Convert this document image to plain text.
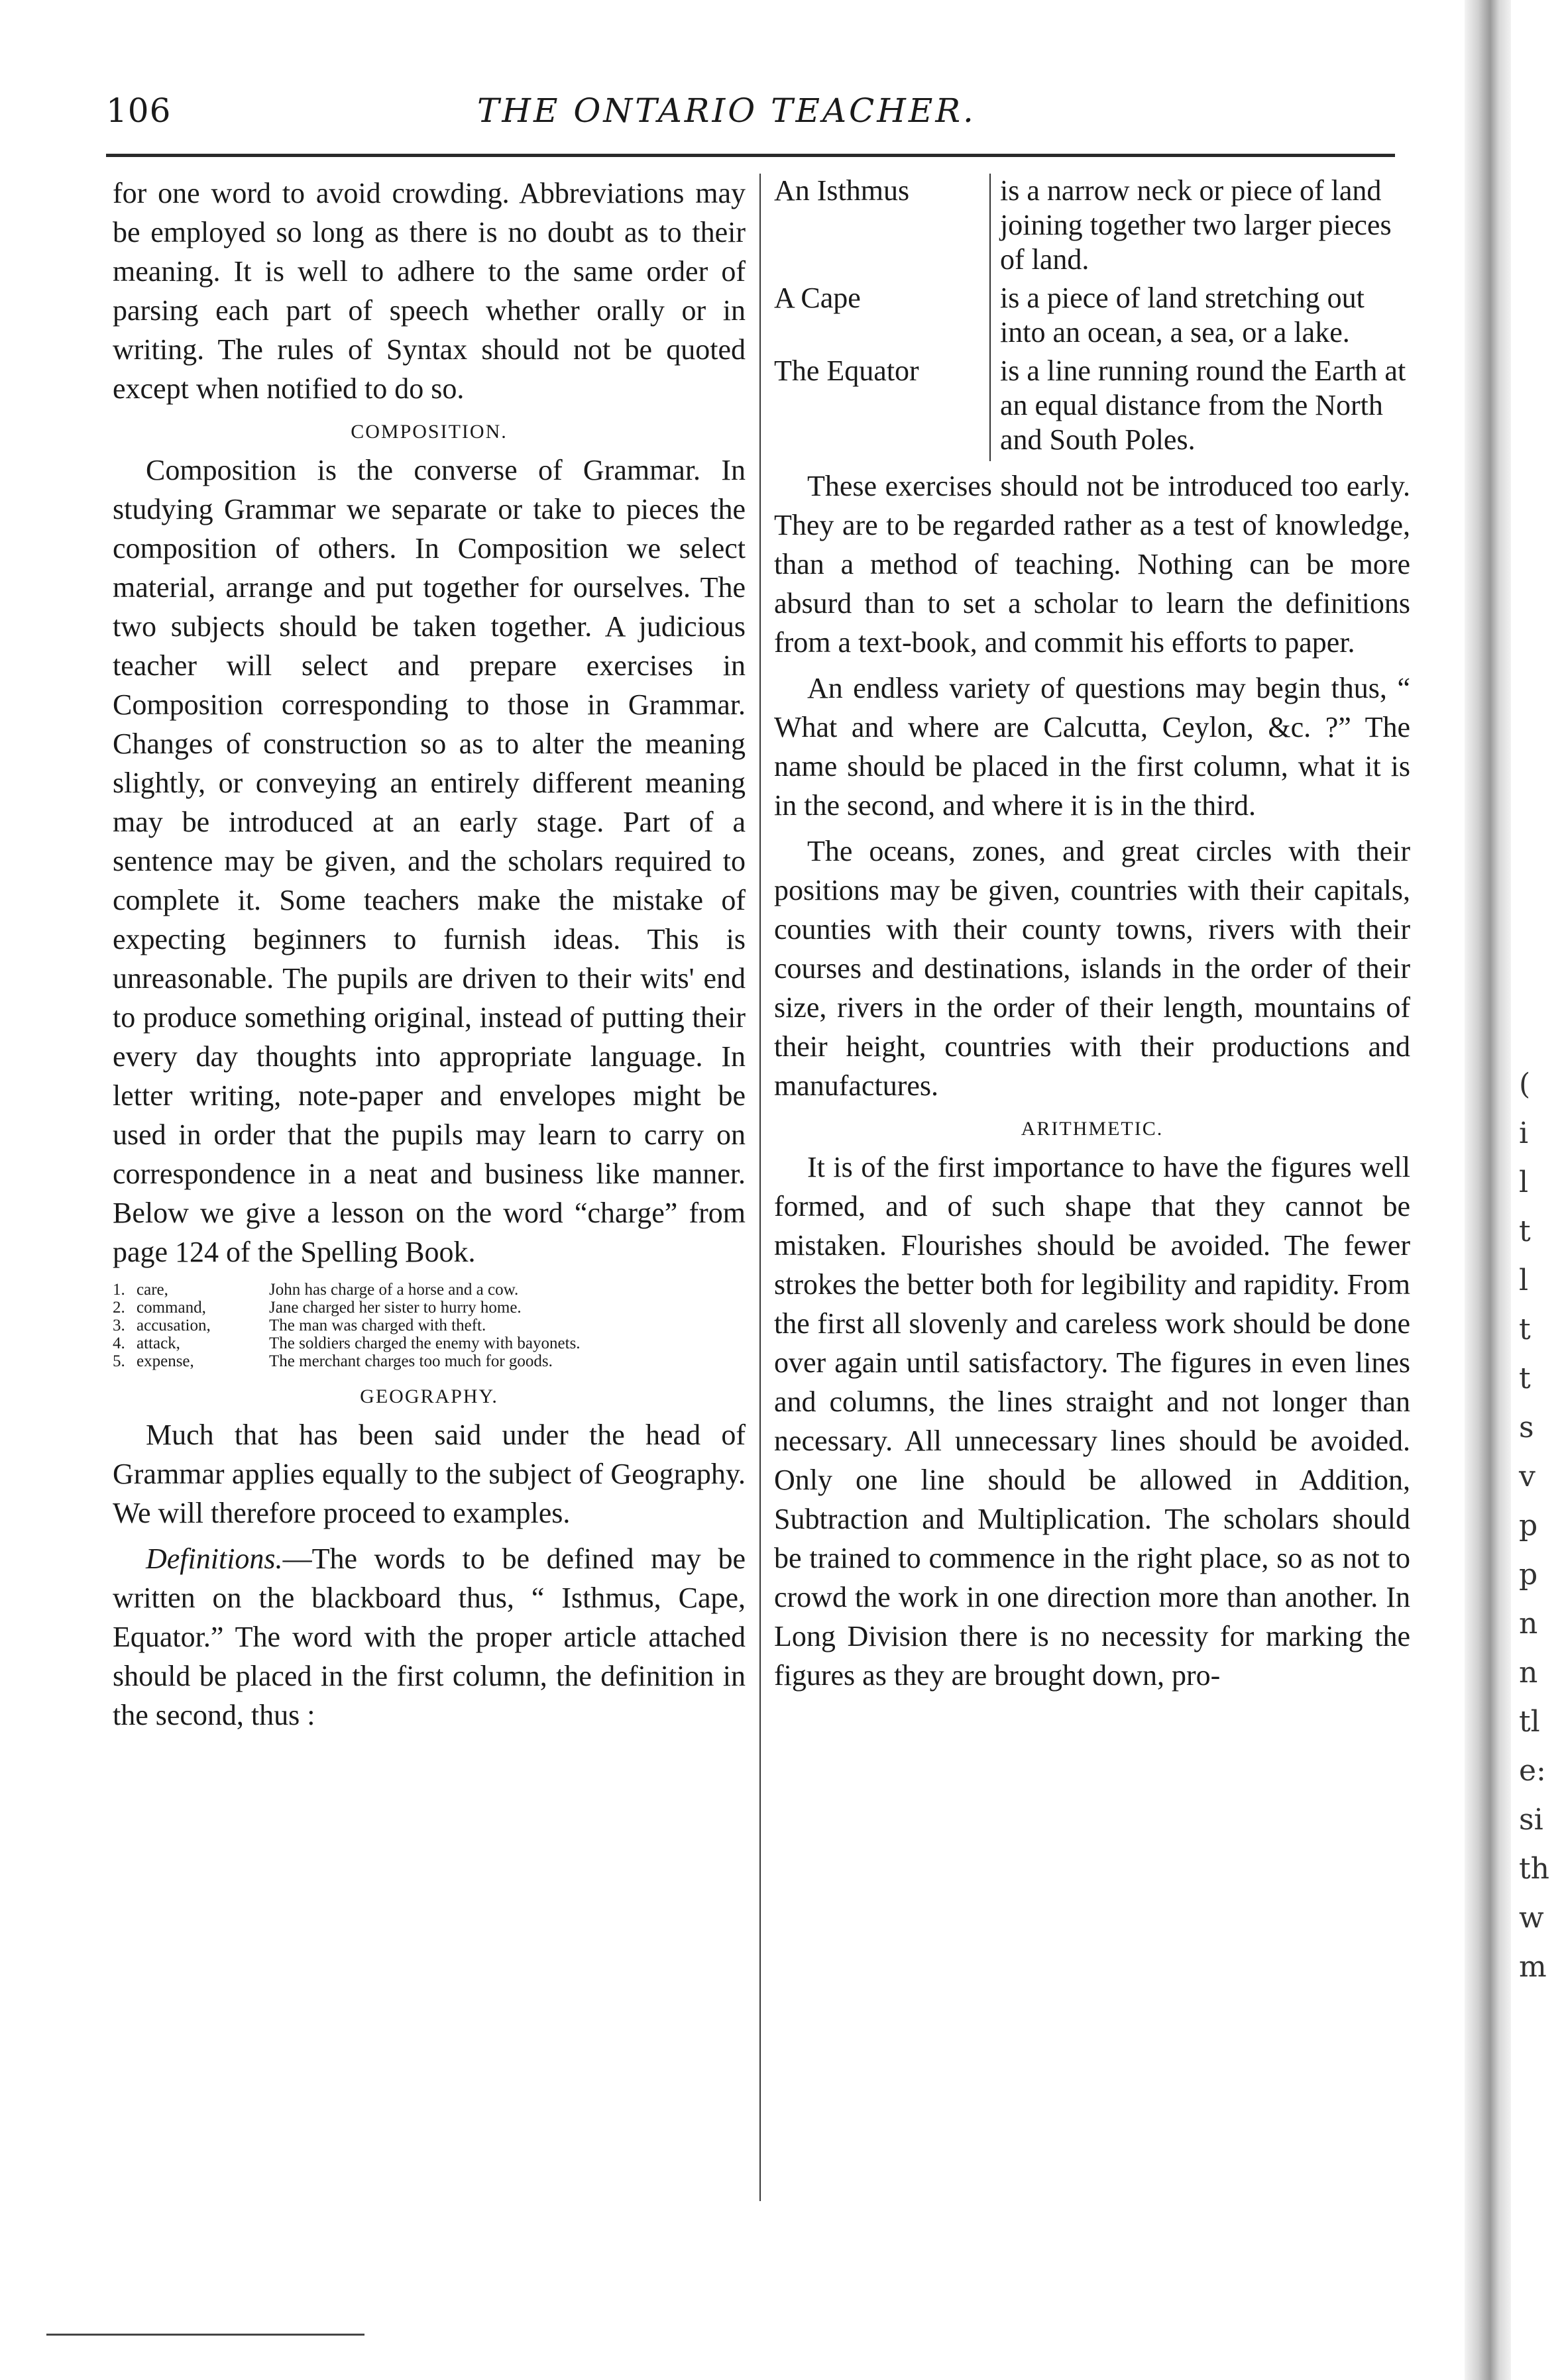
106	THE ONTARIO TEACHER.

for one word to avoid crowding. Abbreviations may be employed so long as there is no doubt as to their meaning. It is well to adhere to the same order of parsing each part of speech whether orally or in writing. The rules of Syntax should not be quoted except when notified to do so.

COMPOSITION.

Composition is the converse of Grammar. In studying Grammar we separate or take to pieces the composition of others. In Composition we select material, arrange and put together for ourselves. The two subjects should be taken together. A judicious teacher will select and prepare exercises in Composition corresponding to those in Grammar. Changes of construction so as to alter the meaning slightly, or conveying an entirely different meaning may be introduced at an early stage. Part of a sentence may be given, and the scholars required to complete it. Some teachers make the mistake of expecting beginners to furnish ideas. This is unreasonable. The pupils are driven to their wits' end to produce something original, instead of putting their every day thoughts into appropriate language. In letter writing, note-paper and envelopes might be used in order that the pupils may learn to carry on correspondence in a neat and business like manner. Below we give a lesson on the word “charge” from page 124 of the Spelling Book.

1. care,	John has charge of a horse and a cow.
2. command,	Jane charged her sister to hurry home.
3. accusation,	The man was charged with theft.
4. attack,	The soldiers charged the enemy with bayonets.
5. expense,	The merchant charges too much for goods.
GEOGRAPHY.

Much that has been said under the head of Grammar applies equally to the subject of Geography. We will therefore proceed to examples.

Definitions.—The words to be defined may be written on the blackboard thus, “ Isthmus, Cape, Equator.” The word with the proper article attached should be placed in the first column, the definition in the second, thus :

An Isthmus	is a narrow neck or piece of land joining together two larger pieces of land.
A Cape	is a piece of land stretching out into an ocean, a sea, or a lake.
The Equator	is a line running round the Earth at an equal distance from the North and South Poles.

These exercises should not be introduced too early. They are to be regarded rather as a test of knowledge, than a method of teaching. Nothing can be more absurd than to set a scholar to learn the definitions from a text-book, and commit his efforts to paper.

An endless variety of questions may begin thus, “ What and where are Calcutta, Ceylon, &c. ?” The name should be placed in the first column, what it is in the second, and where it is in the third.

The oceans, zones, and great circles with their positions may be given, countries with their capitals, counties with their county towns, rivers with their courses and destinations, islands in the order of their size, rivers in the order of their length, mountains of their height, countries with their productions and manufactures.

ARITHMETIC.

It is of the first importance to have the figures well formed, and of such shape that they cannot be mistaken. Flourishes should be avoided. The fewer strokes the better both for legibility and rapidity. From the first all slovenly and careless work should be done over again until satisfactory. The figures in even lines and columns, the lines straight and not longer than necessary. All unnecessary lines should be avoided. Only one line should be allowed in Addition, Subtraction and Multiplication. The scholars should be trained to commence in the right place, so as not to crowd the work in one direction more than another. In Long Division there is no necessity for marking the figures as they are brought down, pro-

(
i
l
t
l
t
t
s
v
p
p
n
n
tl
e:
si
th
w
m
